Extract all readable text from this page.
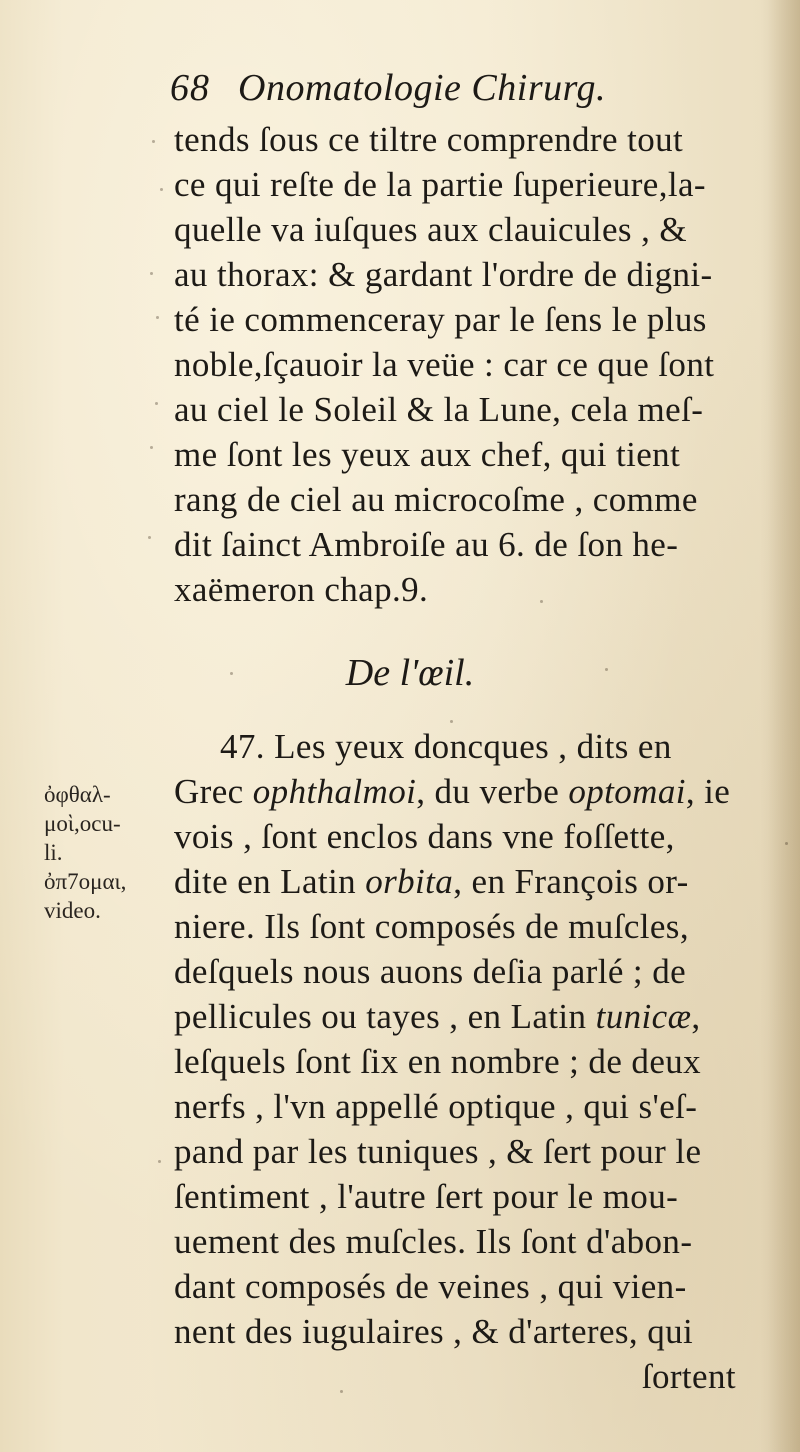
68 Onomatologie Chirurg.
tends ſous ce tiltre comprendre tout
ce qui reſte de la partie ſuperieure,la-
quelle va iuſques aux clauicules , &
au thorax: & gardant l'ordre de digni-
té ie commenceray par le ſens le plus
noble,ſçauoir la veüe : car ce que ſont
au ciel le Soleil & la Lune, cela meſ-
me ſont les yeux aux chef, qui tient
rang de ciel au microcoſme , comme
dit ſainct Ambroiſe au 6. de ſon he-
xaëmeron chap.9.
De l'œil.
47. Les yeux doncques , dits en
Grec ophthalmoi, du verbe optomai, ie
vois , ſont enclos dans vne foſſette,
dite en Latin orbita, en François or-
niere. Ils ſont composés de muſcles,
deſquels nous auons deſia parlé ; de
pellicules ou tayes , en Latin tunicæ,
leſquels ſont ſix en nombre ; de deux
nerfs , l'vn appellé optique , qui s'eſ-
pand par les tuniques , & ſert pour le
ſentiment , l'autre ſert pour le mou-
uement des muſcles. Ils ſont d'abon-
dant composés de veines , qui vien-
nent des iugulaires , & d'arteres, qui
ſortent
ὀφθαλ-
μοὶ,ocu-
li.
ὀπ7ομαι,
video.
